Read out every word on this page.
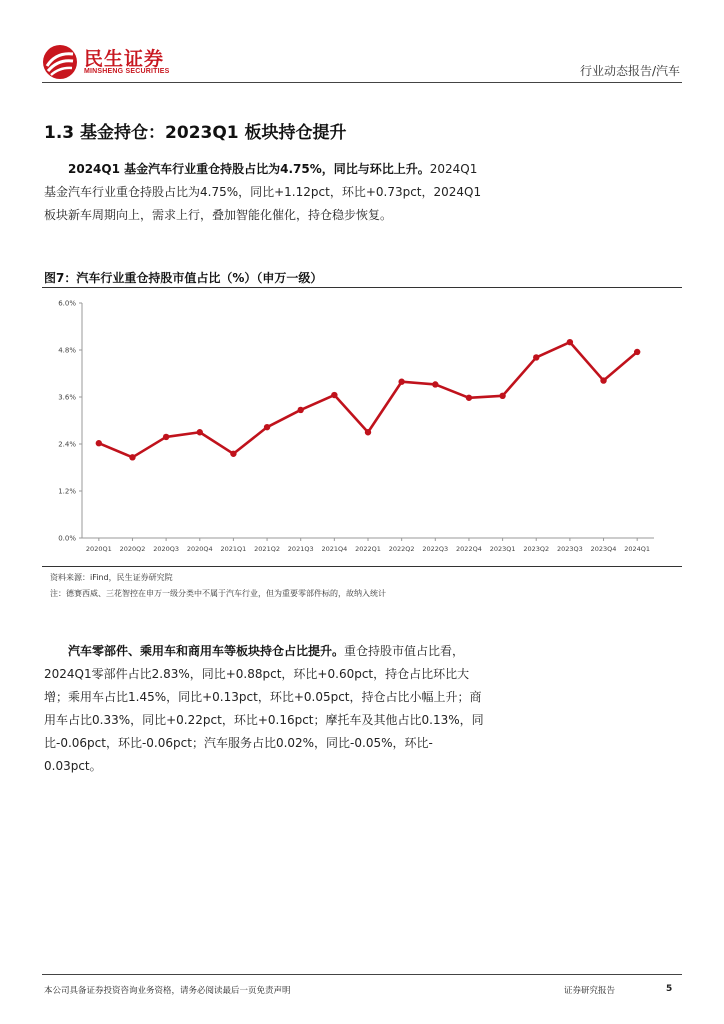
民生证券
MINSHENG SECURITIES	行业动态报告/汽车
1.3 基金持仓：2023Q1 板块持仓提升
2024Q1 基金汽车行业重仓持股占比为4.75%，同比与环比上升。2024Q1
基金汽车行业重仓持股占比为4.75%，同比+1.12pct，环比+0.73pct，2024Q1
板块新车周期向上，需求上行，叠加智能化催化，持仓稳步恢复。
图7：汽车行业重仓持股市值占比（%）（申万一级）
0.0%
1.2%
2.4%
3.6%
4.8%
6.0%
2020Q1 2020Q2 2020Q3 2020Q4 2021Q1 2021Q2 2021Q3 2021Q4 2022Q1 2022Q2 2022Q3 2022Q4 2023Q1 2023Q2 2023Q3 2023Q4 2024Q1
资料来源：iFind，民生证券研究院
注：德赛西威、三花智控在申万一级分类中不属于汽车行业，但为重要零部件标的，故纳入统计
汽车零部件、乘用车和商用车等板块持仓占比提升。重仓持股市值占比看，
2024Q1零部件占比2.83%，同比+0.88pct，环比+0.60pct，持仓占比环比大
增；乘用车占比1.45%，同比+0.13pct，环比+0.05pct，持仓占比小幅上升；商
用车占比0.33%，同比+0.22pct，环比+0.16pct；摩托车及其他占比0.13%，同
比-0.06pct，环比-0.06pct；汽车服务占比0.02%，同比-0.05%，环比-
0.03pct。
本公司具备证券投资咨询业务资格，请务必阅读最后一页免责声明	证券研究报告	5
